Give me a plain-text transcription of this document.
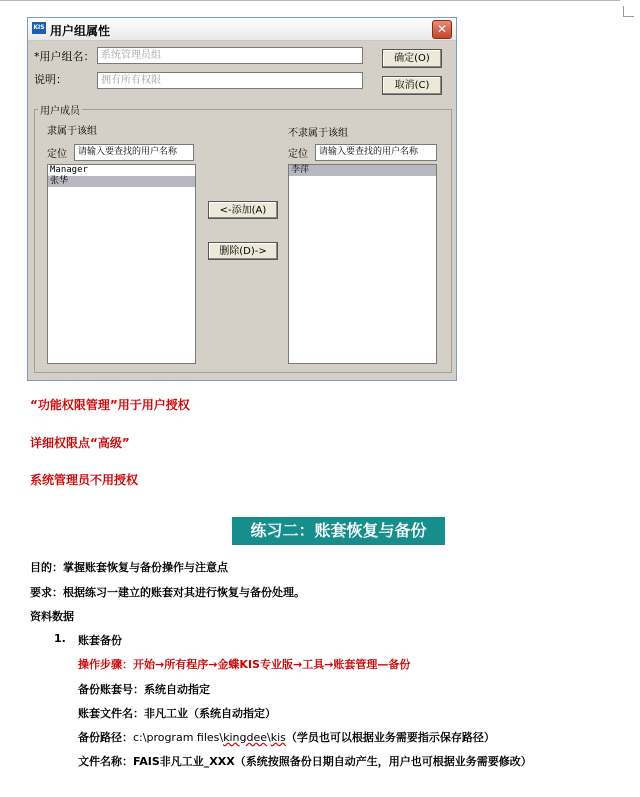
KIS 用户组属性	✕
*用户组名： 系统管理员组
说明：	拥有所有权限
确定(O)
取消(C)
用户成员
隶属于该组	不隶属于该组
定位	请输入要查找的用户名称	定位	请输入要查找的用户名称
Manager
张华
<-添加(A)
删除(D)->
李萍
“功能权限管理”用于用户授权
详细权限点“高级”
系统管理员不用授权
练习二：账套恢复与备份
目的：掌握账套恢复与备份操作与注意点
要求：根据练习一建立的账套对其进行恢复与备份处理。
资料数据
1. 账套备份
操作步骤：开始→所有程序→金蝶KIS专业版→工具→账套管理—备份
备份账套号：系统自动指定
账套文件名：非凡工业（系统自动指定）
备份路径：c:\program files\kingdee\kis（学员也可以根据业务需要指示保存路径）
文件名称：FAIS非凡工业_XXX（系统按照备份日期自动产生，用户也可根据业务需要修改）
